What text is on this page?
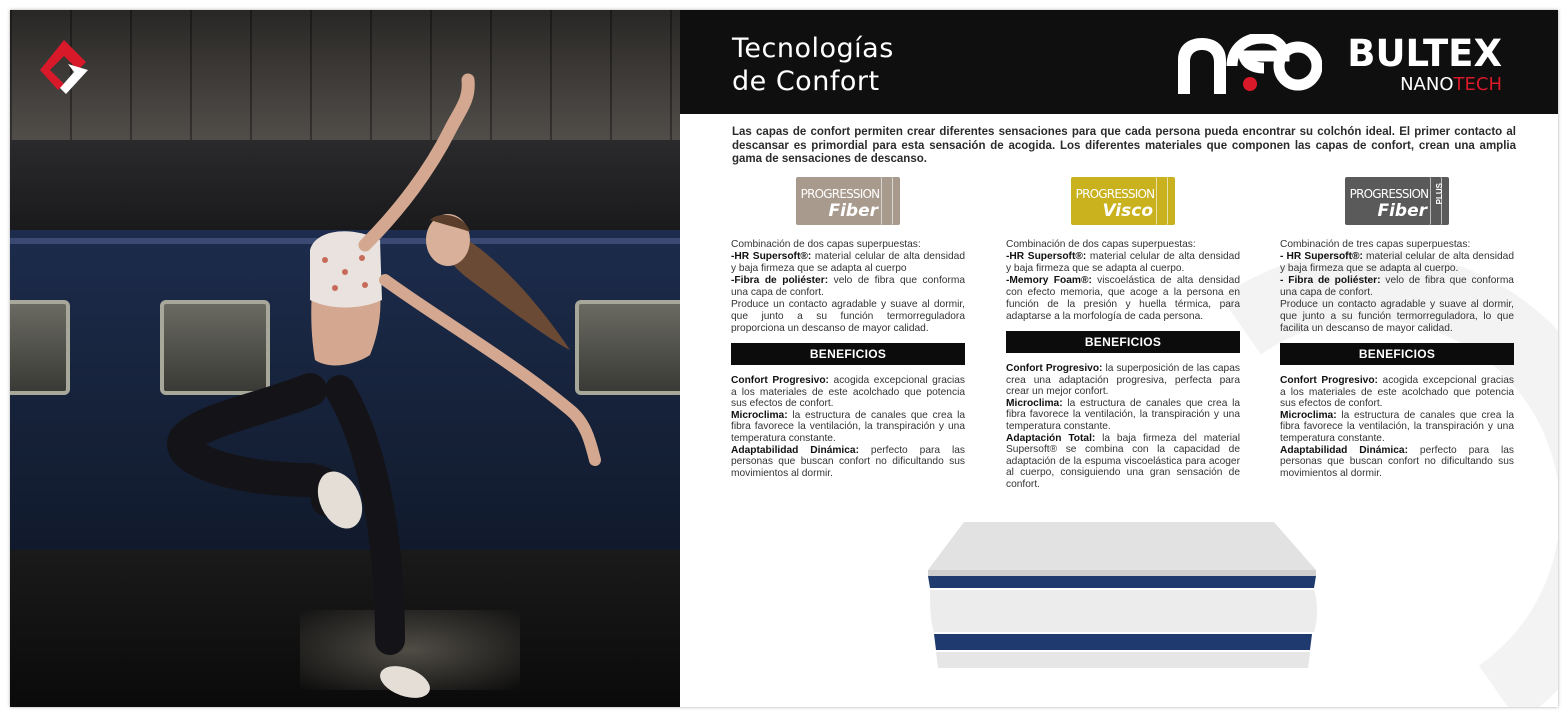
Tecnologías
de Confort
BULTEX
NANOTECH

Las capas de confort permiten crear diferentes sensaciones para que cada persona pueda encontrar su colchón ideal. El primer contacto al descansar es primordial para esta sensación de acogida. Los diferentes materiales que componen las capas de confort, crean una amplia gama de sensaciones de descanso.

PROGRESSION
Fiber

Combinación de dos capas superpuestas:

-HR Supersoft®: material celular de alta densidad y baja firmeza que se adapta al cuerpo

-Fibra de poliéster: velo de fibra que conforma una capa de confort.

Produce un contacto agradable y suave al dormir, que junto a su función termorreguladora proporciona un descanso de mayor calidad.

BENEFICIOS

Confort Progresivo: acogida excepcional gracias a los materiales de este acolchado que potencia sus efectos de confort.

Microclima: la estructura de canales que crea la fibra favorece la ventilación, la transpiración y una temperatura constante.

Adaptabilidad Dinámica: perfecto para las personas que buscan confort no dificultando sus movimientos al dormir.

PROGRESSION
Visco

Combinación de dos capas superpuestas:

-HR Supersoft®: material celular de alta densidad y baja firmeza que se adapta al cuerpo.

-Memory Foam®: viscoelástica de alta densidad con efecto memoria, que acoge a la persona en función de la presión y huella térmica, para adaptarse a la morfología de cada persona.

BENEFICIOS

Confort Progresivo: la superposición de las capas crea una adaptación progresiva, perfecta para crear un mejor confort.

Microclima: la estructura de canales que crea la fibra favorece la ventilación, la transpiración y una temperatura constante.

Adaptación Total: la baja firmeza del material Supersoft® se combina con la capacidad de adaptación de la espuma viscoelástica para acoger al cuerpo, consiguiendo una gran sensación de confort.

PROGRESSION
Fiber
PLUS

Combinación de tres capas superpuestas:

- HR Supersoft®: material celular de alta densidad y baja firmeza que se adapta al cuerpo.

- Fibra de poliéster: velo de fibra que conforma una capa de confort.

Produce un contacto agradable y suave al dormir, que junto a su función termorreguladora, lo que facilita un descanso de mayor calidad.

BENEFICIOS

Confort Progresivo: acogida excepcional gracias a los materiales de este acolchado que potencia sus efectos de confort.

Microclima: la estructura de canales que crea la fibra favorece la ventilación, la transpiración y una temperatura constante.

Adaptabilidad Dinámica: perfecto para las personas que buscan confort no dificultando sus movimientos al dormir.
